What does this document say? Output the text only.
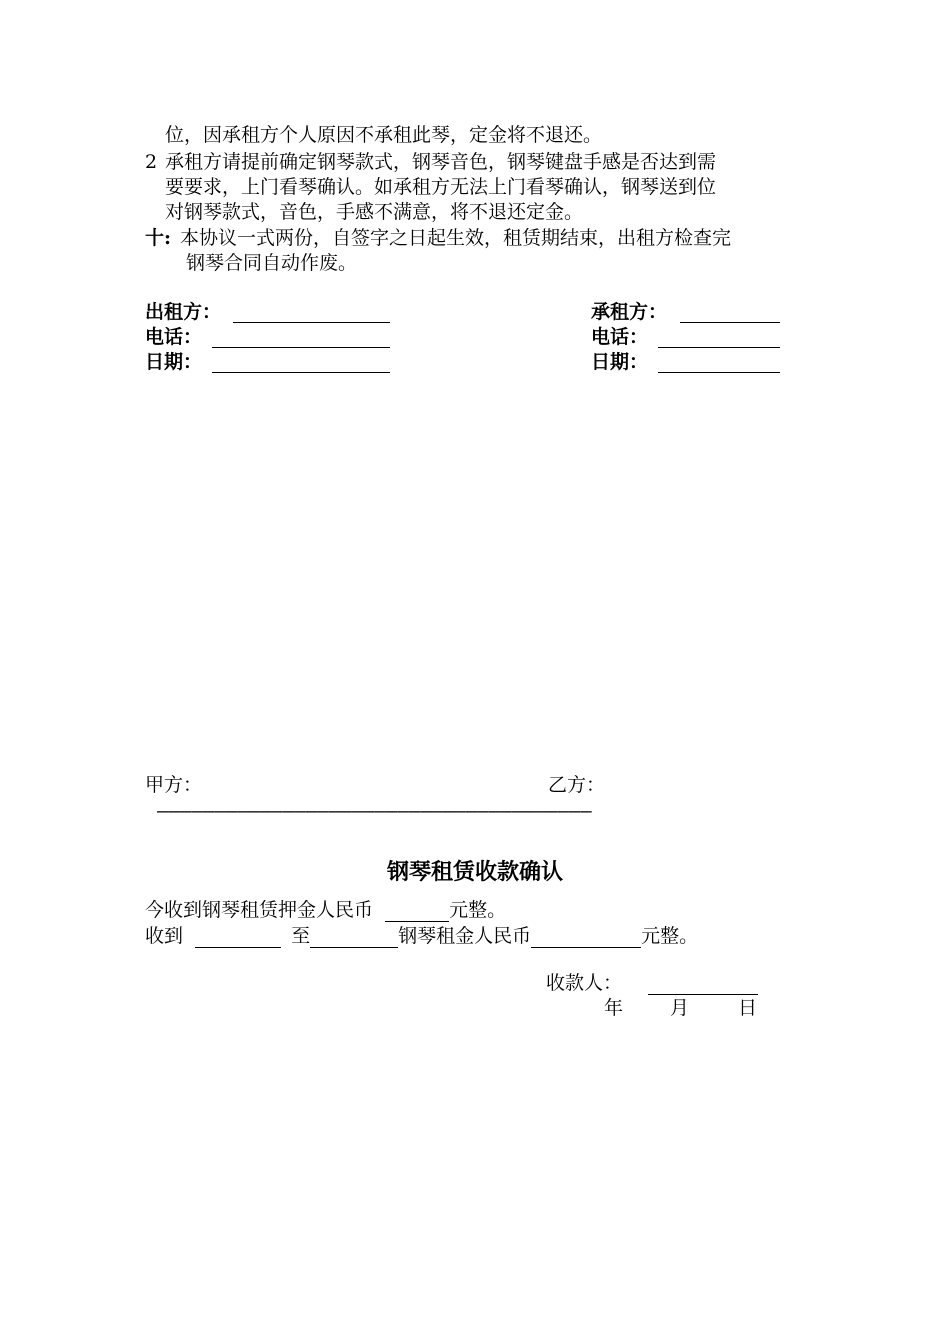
位，因承租方个人原因不承租此琴，定金将不退还。
2 承租方请提前确定钢琴款式，钢琴音色，钢琴键盘手感是否达到需
要要求，上门看琴确认。如承租方无法上门看琴确认，钢琴送到位
对钢琴款式，音色，手感不满意，将不退还定金。
十: 本协议一式两份，自签字之日起生效，租赁期结束，出租方检查完
钢琴合同自动作废。
出租方：
电话：
日期：
承租方：
电话：
日期：
甲方：	乙方：
——————————————————————————————————————
钢琴租赁收款确认
今收到钢琴租赁押金人民币	元整。
收到	至	钢琴租金人民币	元整。
收款人：
年 月	日
